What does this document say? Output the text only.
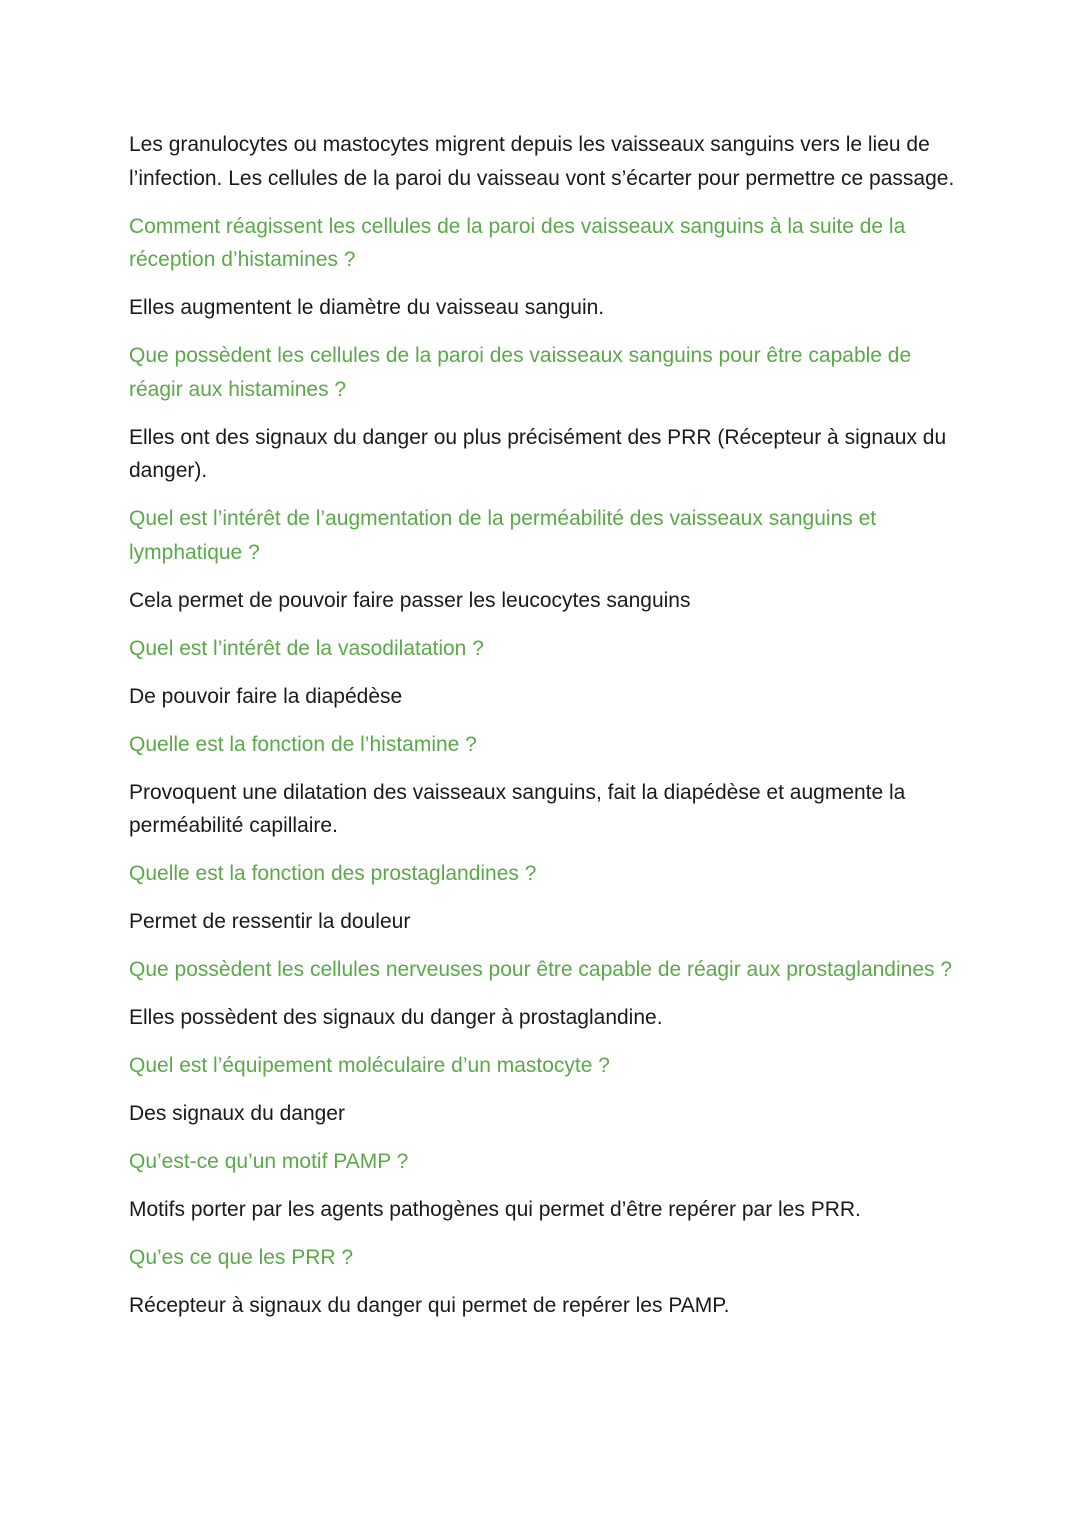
Les granulocytes ou mastocytes migrent depuis les vaisseaux sanguins vers le lieu de l’infection. Les cellules de la paroi du vaisseau vont s’écarter pour permettre ce passage.

Comment réagissent les cellules de la paroi des vaisseaux sanguins à la suite de la réception d’histamines ?

Elles augmentent le diamètre du vaisseau sanguin.

Que possèdent les cellules de la paroi des vaisseaux sanguins pour être capable de réagir aux histamines ?

Elles ont des signaux du danger ou plus précisément des PRR (Récepteur à signaux du danger).

Quel est l’intérêt de l’augmentation de la perméabilité des vaisseaux sanguins et lymphatique ?

Cela permet de pouvoir faire passer les leucocytes sanguins

Quel est l’intérêt de la vasodilatation ?

De pouvoir faire la diapédèse

Quelle est la fonction de l’histamine ?

Provoquent une dilatation des vaisseaux sanguins, fait la diapédèse et augmente la perméabilité capillaire.

Quelle est la fonction des prostaglandines ?

Permet de ressentir la douleur

Que possèdent les cellules nerveuses pour être capable de réagir aux prostaglandines ?

Elles possèdent des signaux du danger à prostaglandine.

Quel est l’équipement moléculaire d’un mastocyte ?

Des signaux du danger

Qu’est-ce qu’un motif PAMP ?

Motifs porter par les agents pathogènes qui permet d’être repérer par les PRR.

Qu’es ce que les PRR ?

Récepteur à signaux du danger qui permet de repérer les PAMP.
